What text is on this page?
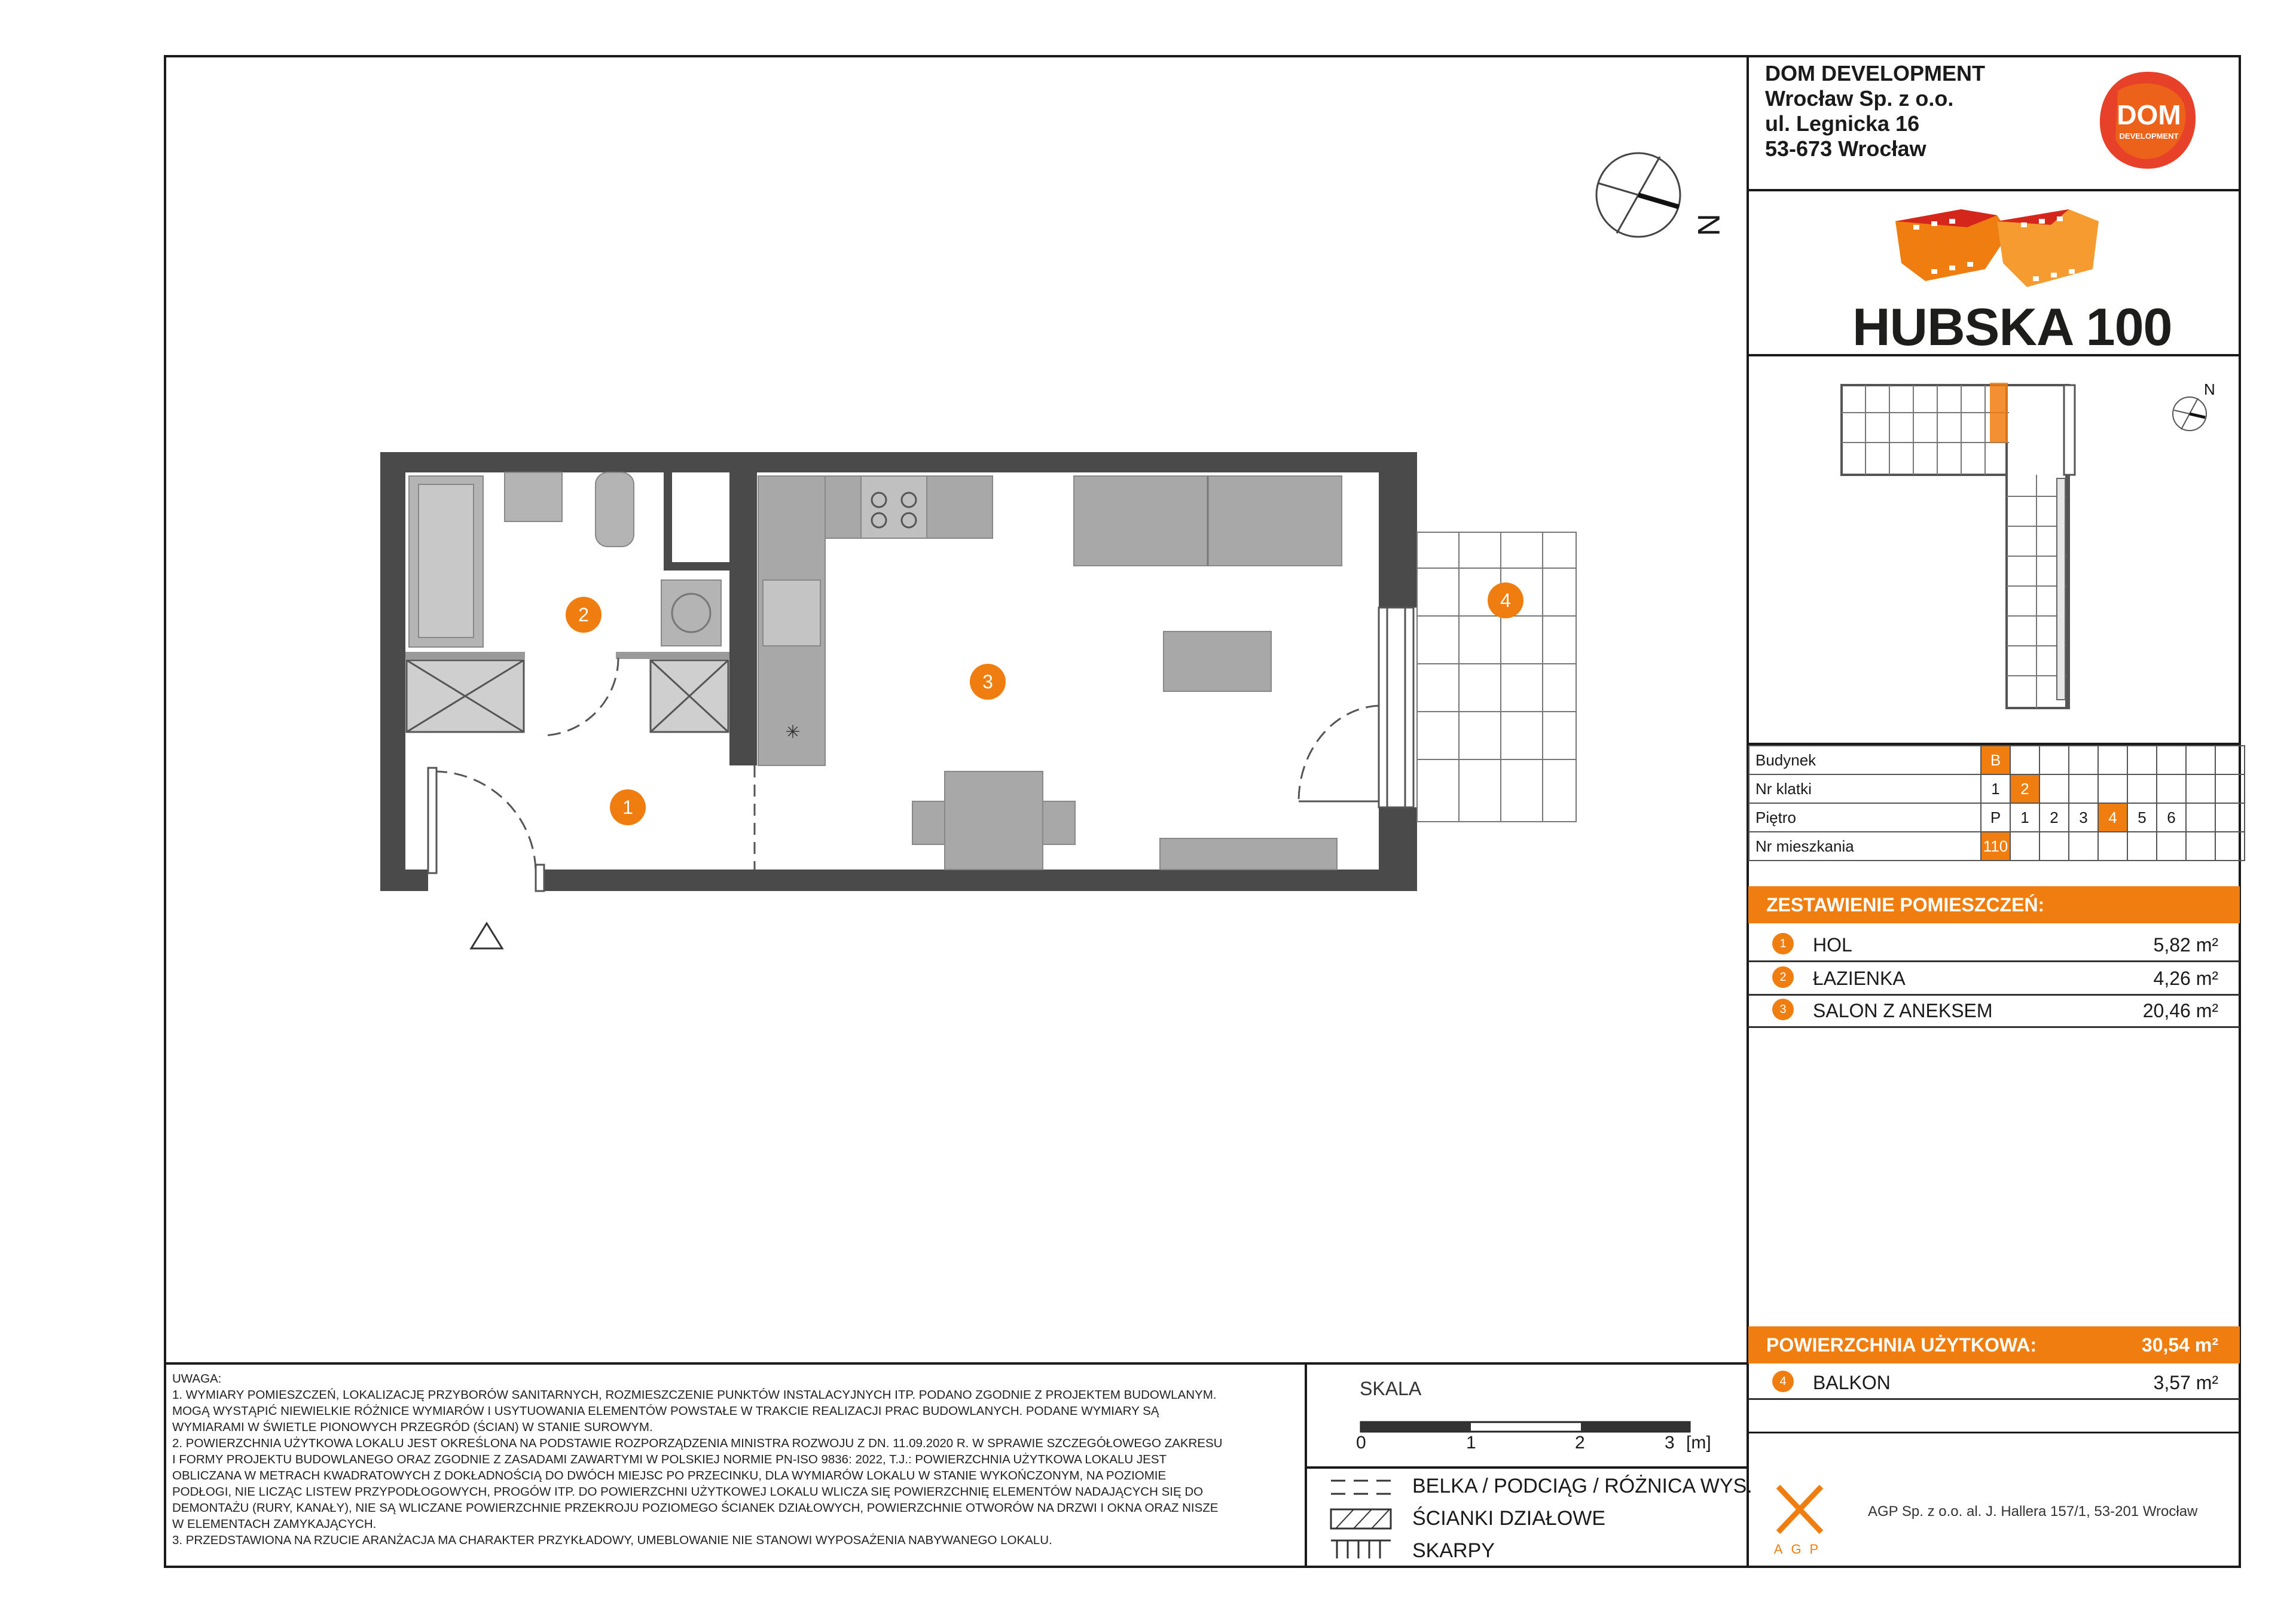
DOM DEVELOPMENT
Wrocław Sp. z o.o.
ul. Legnicka 16
53-673 Wrocław
DOM
DEVELOPMENT
HUBSKA 100
N
Budynek	B								
Nr klatki	1	2							
Piętro	P	1	2	3	4	5	6		
Nr mieszkania	110								
ZESTAWIENIE POMIESZCZEŃ:
1	HOL	5,82 m²
2	ŁAZIENKA	4,26 m²
3	SALON Z ANEKSEM	20,46 m²
POWIERZCHNIA UŻYTKOWA:	30,54 m²
4	BALKON	3,57 m²
AGP
AGP Sp. z o.o. al. J. Hallera 157/1, 53-201 Wrocław
UWAGA:
1. WYMIARY POMIESZCZEŃ, LOKALIZACJĘ PRZYBORÓW SANITARNYCH, ROZMIESZCZENIE PUNKTÓW INSTALACYJNYCH ITP. PODANO ZGODNIE Z PROJEKTEM BUDOWLANYM.
MOGĄ WYSTĄPIĆ NIEWIELKIE RÓŻNICE WYMIARÓW I USYTUOWANIA ELEMENTÓW POWSTAŁE W TRAKCIE REALIZACJI PRAC BUDOWLANYCH. PODANE WYMIARY SĄ
WYMIARAMI W ŚWIETLE PIONOWYCH PRZEGRÓD (ŚCIAN) W STANIE SUROWYM.
2. POWIERZCHNIA UŻYTKOWA LOKALU JEST OKREŚLONA NA PODSTAWIE ROZPORZĄDZENIA MINISTRA ROZWOJU Z DN. 11.09.2020 R. W SPRAWIE SZCZEGÓŁOWEGO ZAKRESU
I FORMY PROJEKTU BUDOWLANEGO ORAZ ZGODNIE Z ZASADAMI ZAWARTYMI W POLSKIEJ NORMIE PN-ISO 9836: 2022, T.J.: POWIERZCHNIA UŻYTKOWA LOKALU JEST
OBLICZANA W METRACH KWADRATOWYCH Z DOKŁADNOŚCIĄ DO DWÓCH MIEJSC PO PRZECINKU, DLA WYMIARÓW LOKALU W STANIE WYKOŃCZONYM, NA POZIOMIE
PODŁOGI, NIE LICZĄC LISTEW PRZYPODŁOGOWYCH, PROGÓW ITP. DO POWIERZCHNI UŻYTKOWEJ LOKALU WLICZA SIĘ POWIERZCHNIĘ ELEMENTÓW NADAJĄCYCH SIĘ DO
DEMONTAŻU (RURY, KANAŁY), NIE SĄ WLICZANE POWIERZCHNIE PRZEKROJU POZIOMEGO ŚCIANEK DZIAŁOWYCH, POWIERZCHNIE OTWORÓW NA DRZWI I OKNA ORAZ NISZE
W ELEMENTACH ZAMYKAJĄCYCH.
3. PRZEDSTAWIONA NA RZUCIE ARANŻACJA MA CHARAKTER PRZYKŁADOWY, UMEBLOWANIE NIE STANOWI WYPOSAŻENIA NABYWANEGO LOKALU.
SKALA
0	1	2	3 [m]
BELKA / PODCIĄG / RÓŻNICA WYS.
ŚCIANKI DZIAŁOWE
SKARPY
N
✳
1
2
3
4
